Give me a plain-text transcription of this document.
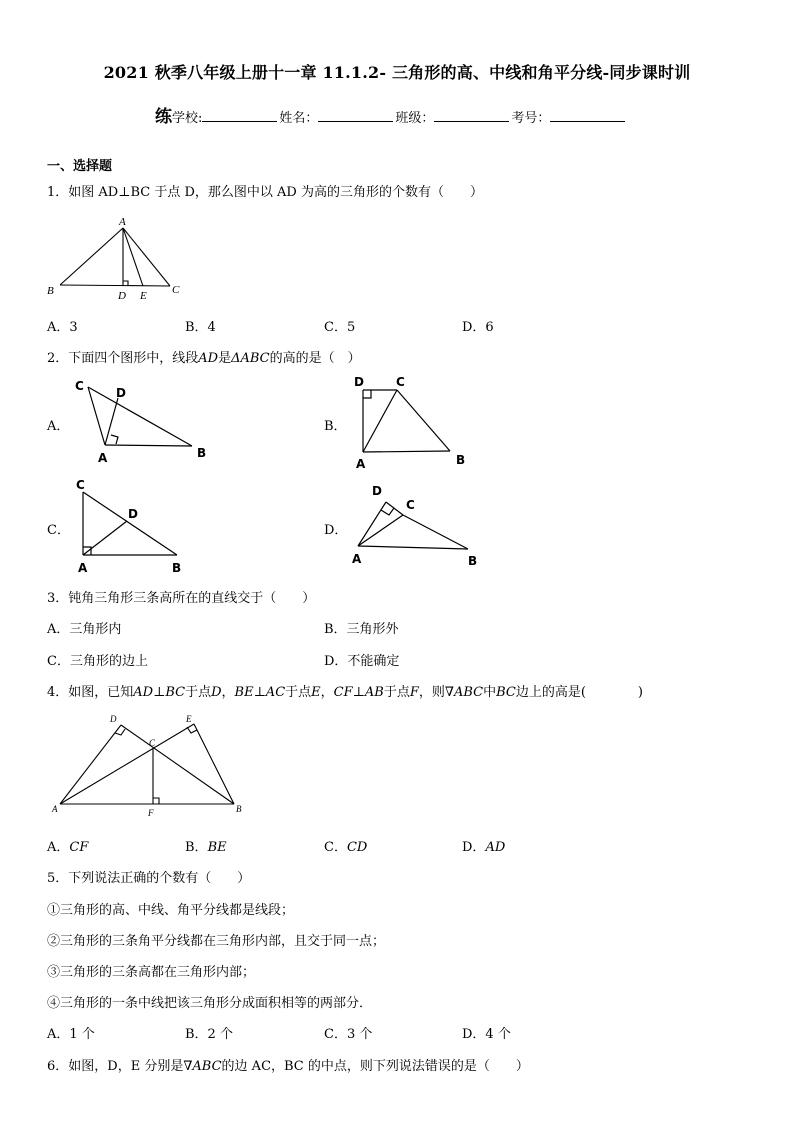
2021 秋季八年级上册十一章 11.1.2- 三角形的高、中线和角平分线-同步课时训
练学校:	姓名：	班级：	考号：
一、选择题
1．如图 AD⊥BC 于点 D，那么图中以 AD 为高的三角形的个数有（　　）
A
B	D E C
A．3	B．4	C．5	D．6
2．下面四个图形中，线段AD是ΔABC的高的是（　）
A．
C	D
A	B
B．
D	C
A	B
C．
C
D
A	B
D．
D
C
A	B
3．钝角三角形三条高所在的直线交于（　　）
A．三角形内	B．三角形外
C．三角形的边上	D．不能确定
4．如图，已知AD⊥BC于点D，BE⊥AC于点E，CF⊥AB于点F，则∇ABC中BC边上的高是(　　　　)
D	E
C
A	F	B
A．CF	B．BE	C．CD	D．AD
5．下列说法正确的个数有（　　）
①三角形的高、中线、角平分线都是线段；
②三角形的三条角平分线都在三角形内部，且交于同一点；
③三角形的三条高都在三角形内部；
④三角形的一条中线把该三角形分成面积相等的两部分．
A．1 个	B．2 个	C．3 个	D．4 个
6．如图，D，E 分别是∇ABC的边 AC，BC 的中点，则下列说法错误的是（　　）
